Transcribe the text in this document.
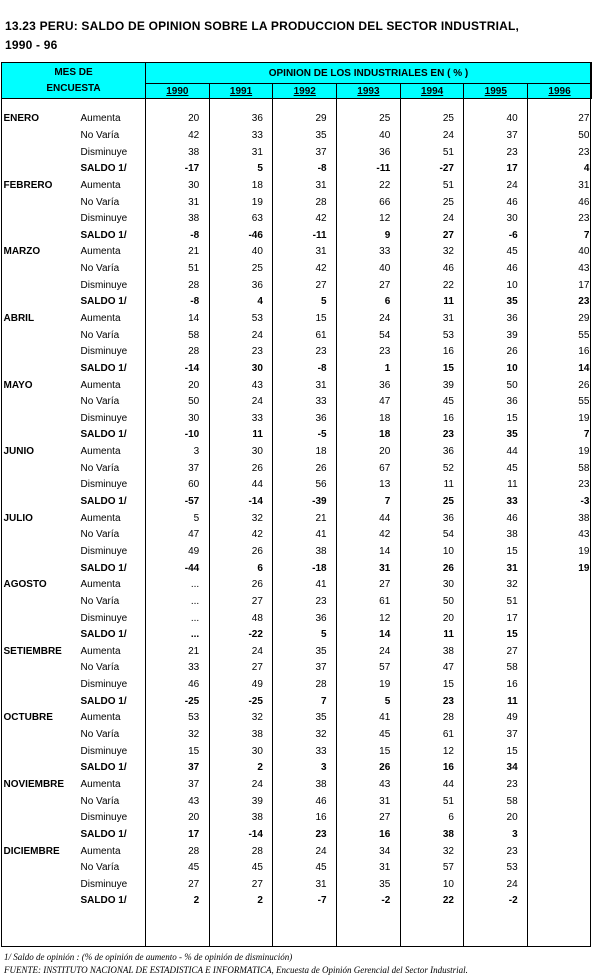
13.23 PERU: SALDO DE OPINION SOBRE LA PRODUCCION DEL SECTOR INDUSTRIAL,
1990 - 96
MES DE
ENCUESTA		OPINION DE LOS INDUSTRIALES EN ( % )						
		1990	1991	1992	1993	1994	1995	1996

ENERO	Aumenta	20	36	29	25	25	40	27
	No Varía	42	33	35	40	24	37	50
	Disminuye	38	31	37	36	51	23	23
	SALDO 1/	-17	5	-8	-11	-27	17	4
FEBRERO	Aumenta	30	18	31	22	51	24	31
	No Varía	31	19	28	66	25	46	46
	Disminuye	38	63	42	12	24	30	23
	SALDO 1/	-8	-46	-11	9	27	-6	7
MARZO	Aumenta	21	40	31	33	32	45	40
	No Varía	51	25	42	40	46	46	43
	Disminuye	28	36	27	27	22	10	17
	SALDO 1/	-8	4	5	6	11	35	23
ABRIL	Aumenta	14	53	15	24	31	36	29
	No Varía	58	24	61	54	53	39	55
	Disminuye	28	23	23	23	16	26	16
	SALDO 1/	-14	30	-8	1	15	10	14
MAYO	Aumenta	20	43	31	36	39	50	26
	No Varía	50	24	33	47	45	36	55
	Disminuye	30	33	36	18	16	15	19
	SALDO 1/	-10	11	-5	18	23	35	7
JUNIO	Aumenta	3	30	18	20	36	44	19
	No Varía	37	26	26	67	52	45	58
	Disminuye	60	44	56	13	11	11	23
	SALDO 1/	-57	-14	-39	7	25	33	-3
JULIO	Aumenta	5	32	21	44	36	46	38
	No Varía	47	42	41	42	54	38	43
	Disminuye	49	26	38	14	10	15	19
	SALDO 1/	-44	6	-18	31	26	31	19
AGOSTO	Aumenta	...	26	41	27	30	32	
	No Varía	...	27	23	61	50	51	
	Disminuye	...	48	36	12	20	17	
	SALDO 1/	...	-22	5	14	11	15	
SETIEMBRE	Aumenta	21	24	35	24	38	27	
	No Varía	33	27	37	57	47	58	
	Disminuye	46	49	28	19	15	16	
	SALDO 1/	-25	-25	7	5	23	11	
OCTUBRE	Aumenta	53	32	35	41	28	49	
	No Varía	32	38	32	45	61	37	
	Disminuye	15	30	33	15	12	15	
	SALDO 1/	37	2	3	26	16	34	
NOVIEMBRE	Aumenta	37	24	38	43	44	23	
	No Varía	43	39	46	31	51	58	
	Disminuye	20	38	16	27	6	20	
	SALDO 1/	17	-14	23	16	38	3	
DICIEMBRE	Aumenta	28	28	24	34	32	23	
	No Varía	45	45	45	31	57	53	
	Disminuye	27	27	31	35	10	24	
	SALDO 1/	2	2	-7	-2	22	-2	
1/ Saldo de opinión : (% de opinión de aumento - % de opinión de disminución)
FUENTE: INSTITUTO NACIONAL DE ESTADISTICA E INFORMATICA, Encuesta de Opinión Gerencial del Sector Industrial.
